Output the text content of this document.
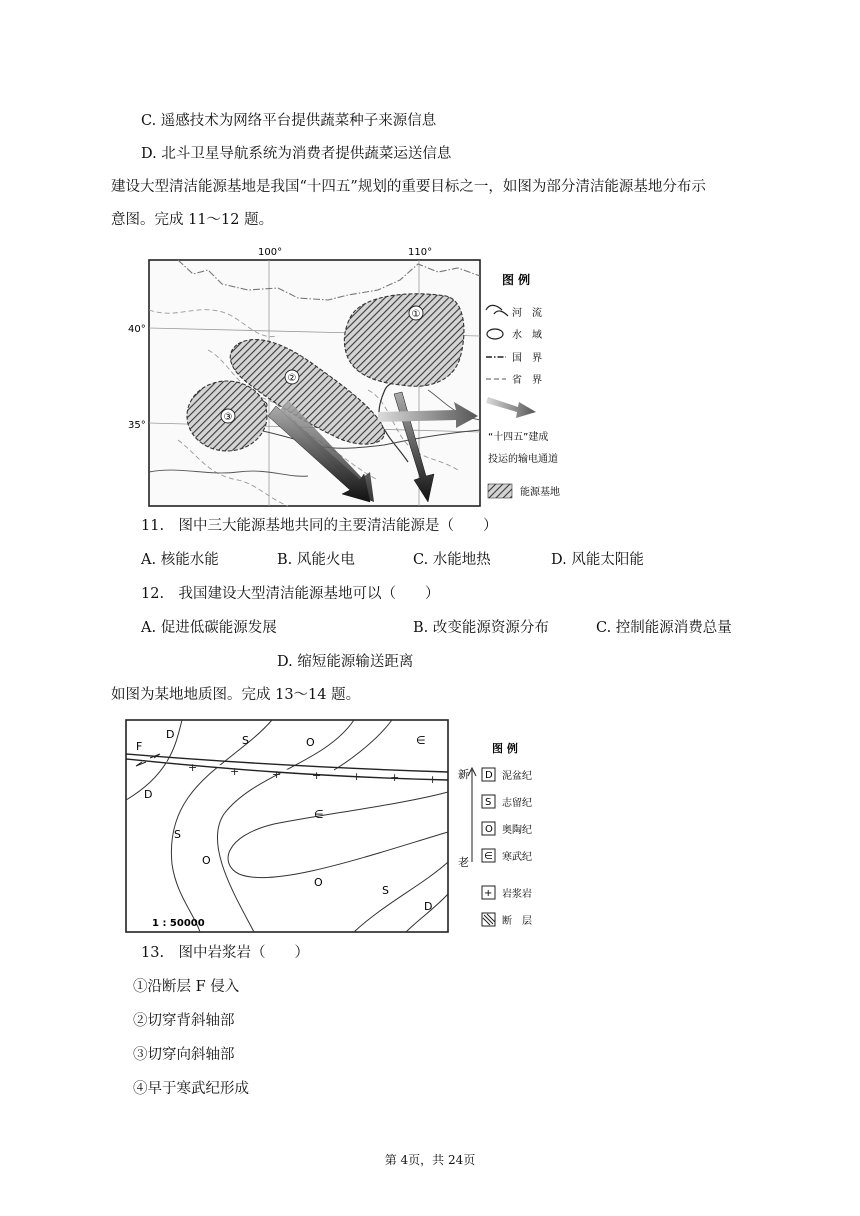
C. 遥感技术为网络平台提供蔬菜种子来源信息
D. 北斗卫星导航系统为消费者提供蔬菜运送信息
建设大型清洁能源基地是我国“十四五”规划的重要目标之一，如图为部分清洁能源基地分布示
意图。完成 11～12 题。
100°	110°
40°
35°
①
②
③
图 例
河　流
水　域
国　界
省　界
“十四五”建成
投运的输电通道
能源基地
11.　图中三大能源基地共同的主要清洁能源是（　　）
A. 核能水能	B. 风能火电	C. 水能地热	D. 风能太阳能
12.　我国建设大型清洁能源基地可以（　　）
A. 促进低碳能源发展	B. 改变能源资源分布	C. 控制能源消费总量
D. 缩短能源输送距离
如图为某地地质图。完成 13～14 题。
+	+	+	+	+	+	+
F
D	S	O	∈
D
S
O
∈
O
S
D
1 : 50000
图 例
新
老
D 泥盆纪
S 志留纪
O 奥陶纪
∈ 寒武纪
+ 岩浆岩
断　层
13.　图中岩浆岩（　　）
①沿断层 F 侵入
②切穿背斜轴部
③切穿向斜轴部
④早于寒武纪形成
第 4页，共 24页
